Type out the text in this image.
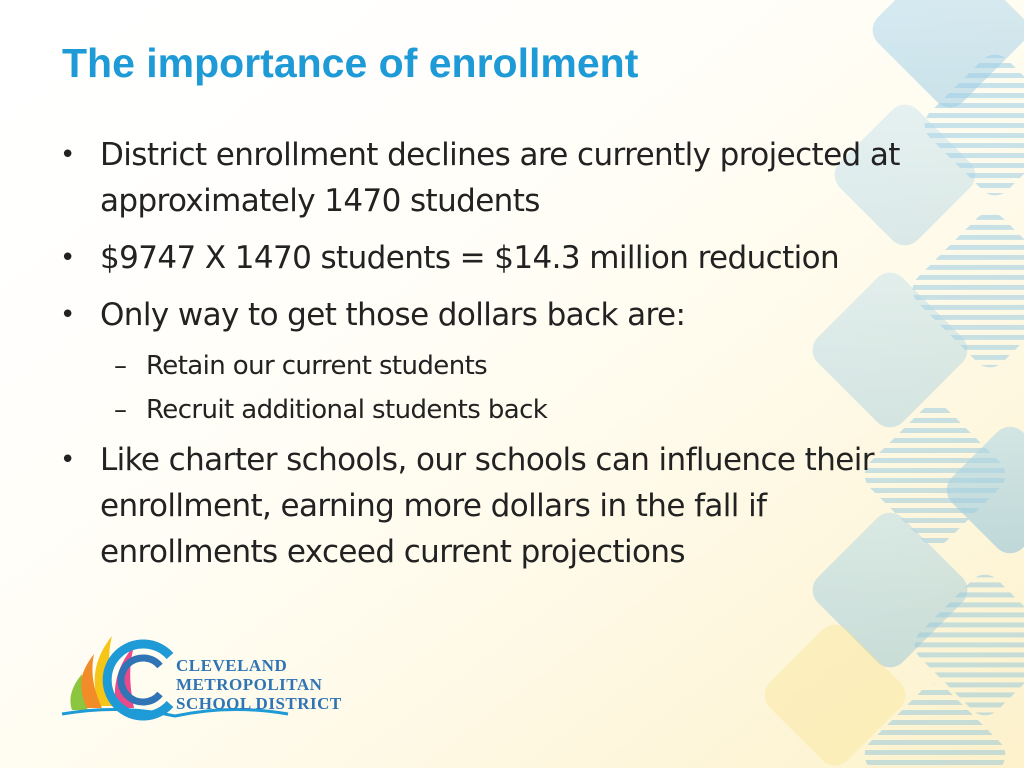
The importance of enrollment
• District enrollment declines are currently projected at approximately 1470 students
• $9747 X 1470 students = $14.3 million reduction
• Only way to get those dollars back are:
– Retain our current students
– Recruit additional students back
• Like charter schools, our schools can influence their enrollment, earning more dollars in the fall if enrollments exceed current projections
CLEVELAND
METROPOLITAN
SCHOOL DISTRICT
